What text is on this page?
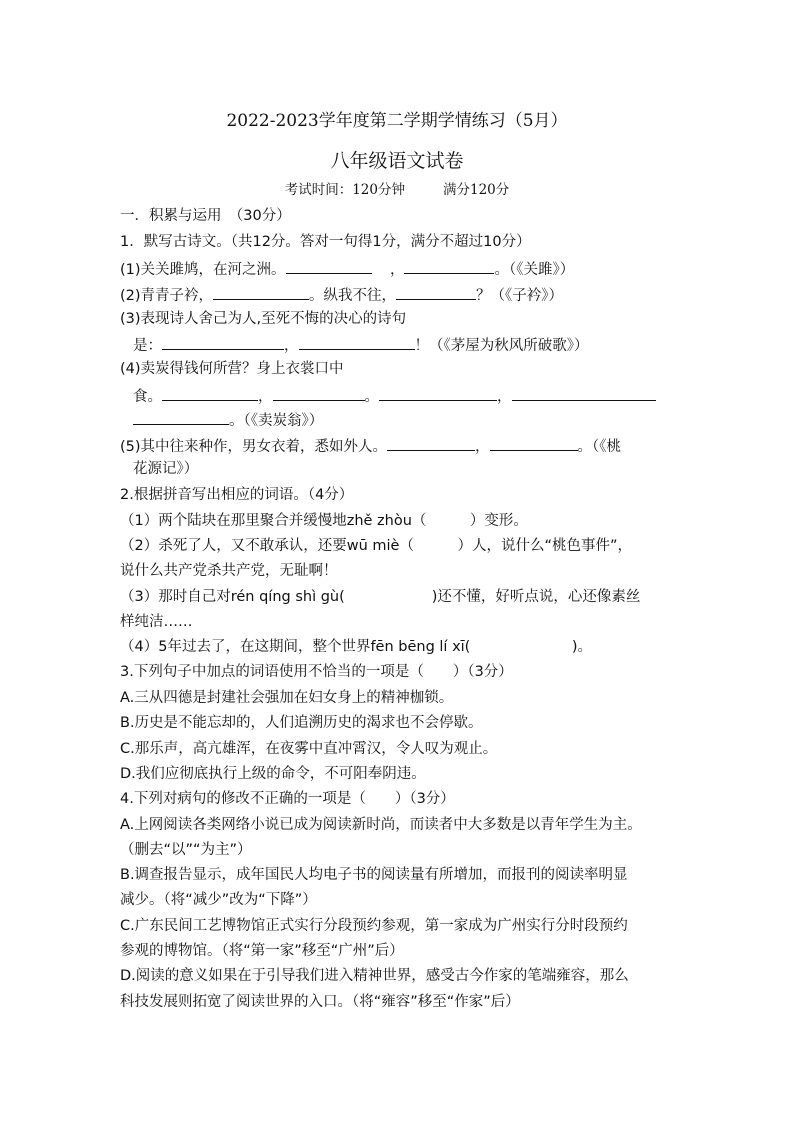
2022-2023学年度第二学期学情练习（5月）
八年级语文试卷
考试时间：120分钟	满分120分
一．积累与运用　（30分）
1．默写古诗文。（共12分。答对一句得1分，满分不超过10分）
(1)关关雎鸠，在河之洲。	，	。（《关雎》）
(2)青青子衿，	。纵我不往，	？（《子衿》）
(3)表现诗人舍己为人,至死不悔的决心的诗句
是：	，	！（《茅屋为秋风所破歌》）
(4)卖炭得钱何所营？身上衣裳口中
食。	，	。	，
。（《卖炭翁》）
(5)其中往来种作，男女衣着，悉如外人。	，	。（《桃
花源记》）
2.根据拼音写出相应的词语。（4分）
（1）两个陆块在那里聚合并缓慢地zhě zhòu（　　　）变形。
（2）杀死了人，又不敢承认，还要wū miè（　　　）人，说什么“桃色事件”，
说什么共产党杀共产党，无耻啊！
（3）那时自己对rén qíng shì gù(　　　　　　)还不懂，好听点说，心还像素丝
样纯洁……
（4）5年过去了，在这期间，整个世界fēn bēng lí xī(　　　　　　　)。
3.下列句子中加点的词语使用不恰当的一项是（　　）（3分）
A.三从四德是封建社会强加在妇女身上的精神枷锁。
B.历史是不能忘却的，人们追溯历史的渴求也不会停歇。
C.那乐声，高亢雄浑，在夜雾中直冲霄汉，令人叹为观止。
D.我们应彻底执行上级的命令，不可阳奉阴违。
4.下列对病句的修改不正确的一项是（　　）（3分）
A.上网阅读各类网络小说已成为阅读新时尚，而读者中大多数是以青年学生为主。
（删去“以”“为主”）
B.调查报告显示，成年国民人均电子书的阅读量有所增加，而报刊的阅读率明显
减少。（将“减少”改为“下降”）
C.广东民间工艺博物馆正式实行分段预约参观，第一家成为广州实行分时段预约
参观的博物馆。（将“第一家”移至“广州”后）
D.阅读的意义如果在于引导我们进入精神世界，感受古今作家的笔端雍容，那么
科技发展则拓宽了阅读世界的入口。（将“雍容”移至“作家”后）
